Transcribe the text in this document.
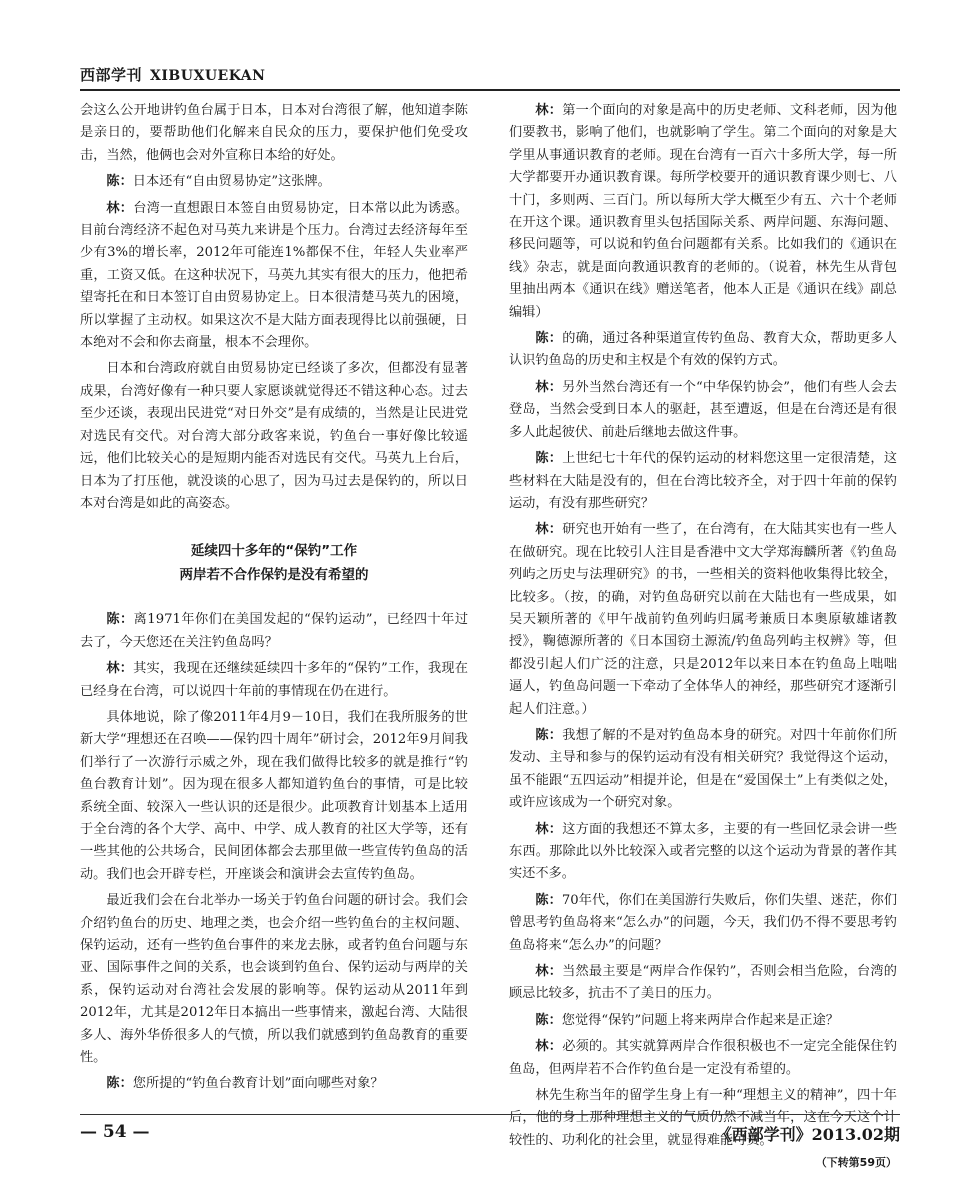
西部学刊 XIBUXUEKAN

会这么公开地讲钓鱼台属于日本，日本对台湾很了解，他知道李陈是亲日的，要帮助他们化解来自民众的压力，要保护他们免受攻击，当然，他俩也会对外宣称日本给的好处。

陈：日本还有“自由贸易协定”这张牌。

林：台湾一直想跟日本签自由贸易协定，日本常以此为诱惑。目前台湾经济不起色对马英九来讲是个压力。台湾过去经济每年至少有3%的增长率，2012年可能连1%都保不住，年轻人失业率严重，工资又低。在这种状况下，马英九其实有很大的压力，他把希望寄托在和日本签订自由贸易协定上。日本很清楚马英九的困境，所以掌握了主动权。如果这次不是大陆方面表现得比以前强硬，日本绝对不会和你去商量，根本不会理你。

日本和台湾政府就自由贸易协定已经谈了多次，但都没有显著成果，台湾好像有一种只要人家愿谈就觉得还不错这种心态。过去至少还谈，表现出民进党“对日外交”是有成绩的，当然是让民进党对选民有交代。对台湾大部分政客来说，钓鱼台一事好像比较遥远，他们比较关心的是短期内能否对选民有交代。马英九上台后，日本为了打压他，就没谈的心思了，因为马过去是保钓的，所以日本对台湾是如此的高姿态。

延续四十多年的“保钓”工作
两岸若不合作保钓是没有希望的

陈：离1971年你们在美国发起的“保钓运动”，已经四十年过去了，今天您还在关注钓鱼岛吗？

林：其实，我现在还继续延续四十多年的“保钓”工作，我现在已经身在台湾，可以说四十年前的事情现在仍在进行。

具体地说，除了像2011年4月9－10日，我们在我所服务的世新大学“理想还在召唤——保钓四十周年”研讨会，2012年9月间我们举行了一次游行示威之外，现在我们做得比较多的就是推行“钓鱼台教育计划”。因为现在很多人都知道钓鱼台的事情，可是比较系统全面、较深入一些认识的还是很少。此项教育计划基本上适用于全台湾的各个大学、高中、中学、成人教育的社区大学等，还有一些其他的公共场合，民间团体都会去那里做一些宣传钓鱼岛的活动。我们也会开辟专栏，开座谈会和演讲会去宣传钓鱼岛。

最近我们会在台北举办一场关于钓鱼台问题的研讨会。我们会介绍钓鱼台的历史、地理之类，也会介绍一些钓鱼台的主权问题、保钓运动，还有一些钓鱼台事件的来龙去脉，或者钓鱼台问题与东亚、国际事件之间的关系，也会谈到钓鱼台、保钓运动与两岸的关系，保钓运动对台湾社会发展的影响等。保钓运动从2011年到2012年，尤其是2012年日本搞出一些事情来，激起台湾、大陆很多人、海外华侨很多人的气愤，所以我们就感到钓鱼岛教育的重要性。

陈：您所提的“钓鱼台教育计划”面向哪些对象？

林：第一个面向的对象是高中的历史老师、文科老师，因为他们要教书，影响了他们，也就影响了学生。第二个面向的对象是大学里从事通识教育的老师。现在台湾有一百六十多所大学，每一所大学都要开办通识教育课。每所学校要开的通识教育课少则七、八十门，多则两、三百门。所以每所大学大概至少有五、六十个老师在开这个课。通识教育里头包括国际关系、两岸问题、东海问题、移民问题等，可以说和钓鱼台问题都有关系。比如我们的《通识在线》杂志，就是面向教通识教育的老师的。（说着，林先生从背包里抽出两本《通识在线》赠送笔者，他本人正是《通识在线》副总编辑）

陈：的确，通过各种渠道宣传钓鱼岛、教育大众，帮助更多人认识钓鱼岛的历史和主权是个有效的保钓方式。

林：另外当然台湾还有一个“中华保钓协会”，他们有些人会去登岛，当然会受到日本人的驱赶，甚至遭返，但是在台湾还是有很多人此起彼伏、前赴后继地去做这件事。

陈：上世纪七十年代的保钓运动的材料您这里一定很清楚，这些材料在大陆是没有的，但在台湾比较齐全，对于四十年前的保钓运动，有没有那些研究？

林：研究也开始有一些了，在台湾有，在大陆其实也有一些人在做研究。现在比较引人注目是香港中文大学郑海麟所著《钓鱼岛列屿之历史与法理研究》的书，一些相关的资料他收集得比较全，比较多。（按，的确，对钓鱼岛研究以前在大陆也有一些成果，如吴天颖所著的《甲午战前钓鱼列屿归属考兼质日本奥原敏雄诸教授》，鞠德源所著的《日本国窃土源流/钓鱼岛列屿主权辨》等，但都没引起人们广泛的注意，只是2012年以来日本在钓鱼岛上咄咄逼人，钓鱼岛问题一下牵动了全体华人的神经，那些研究才逐渐引起人们注意。）

陈：我想了解的不是对钓鱼岛本身的研究。对四十年前你们所发动、主导和参与的保钓运动有没有相关研究？我觉得这个运动，虽不能跟“五四运动”相提并论，但是在“爱国保土”上有类似之处，或许应该成为一个研究对象。

林：这方面的我想还不算太多，主要的有一些回忆录会讲一些东西。那除此以外比较深入或者完整的以这个运动为背景的著作其实还不多。

陈：70年代，你们在美国游行失败后，你们失望、迷茫，你们曾思考钓鱼岛将来“怎么办”的问题，今天，我们仍不得不要思考钓鱼岛将来“怎么办”的问题？

林：当然最主要是“两岸合作保钓”，否则会相当危险，台湾的顾忌比较多，抗击不了美日的压力。

陈：您觉得“保钓”问题上将来两岸合作起来是正途？

林：必须的。其实就算两岸合作很积极也不一定完全能保住钓鱼岛，但两岸若不合作钓鱼台是一定没有希望的。

林先生称当年的留学生身上有一种“理想主义的精神”，四十年后，他的身上那种理想主义的气质仍然不减当年，这在今天这个计较性的、功利化的社会里，就显得难能可贵。

（下转第59页）
— 54 —	《西部学刊》2013.02期
